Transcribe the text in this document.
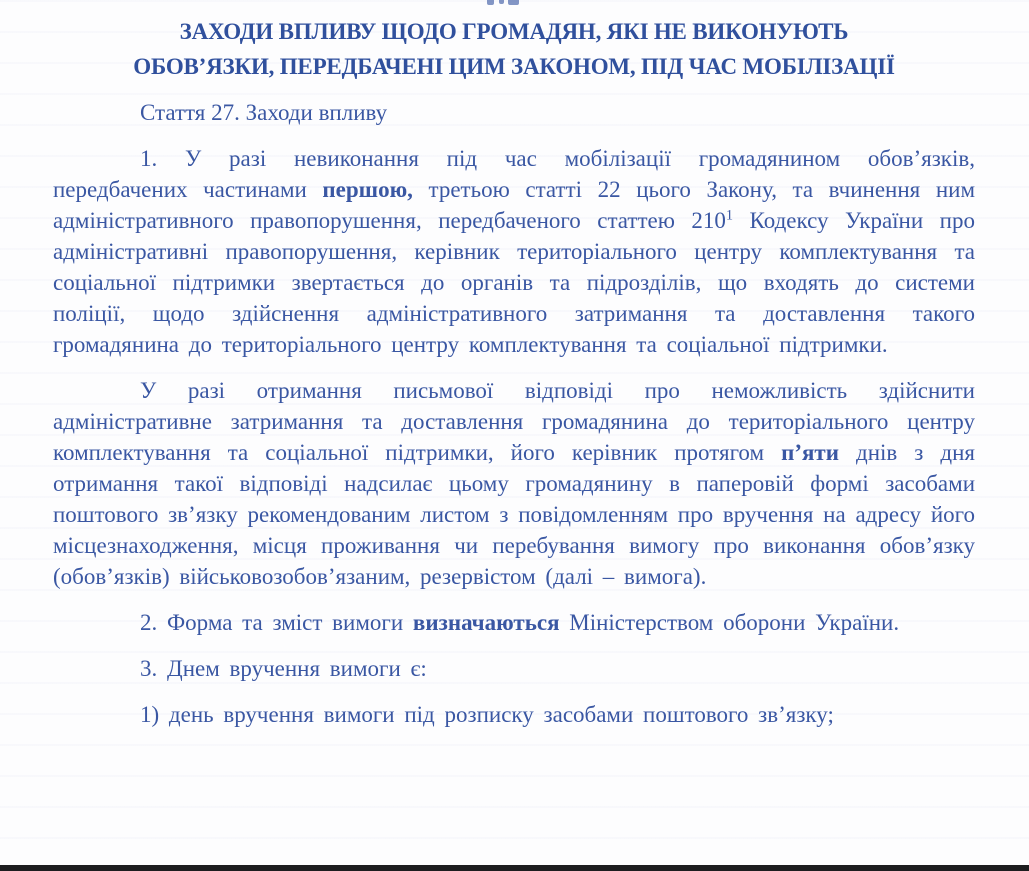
ЗАХОДИ ВПЛИВУ ЩОДО ГРОМАДЯН, ЯКІ НЕ ВИКОНУЮТЬ
ОБОВ’ЯЗКИ, ПЕРЕДБАЧЕНІ ЦИМ ЗАКОНОМ, ПІД ЧАС МОБІЛІЗАЦІЇ

Стаття 27. Заходи впливу

1. У разі невиконання під час мобілізації громадянином обов’язків, передбачених частинами першою, третьою статті 22 цього Закону, та вчинення ним адміністративного правопорушення, передбаченого статтею $210^1$ Кодексу України про адміністративні правопорушення, керівник територіального центру комплектування та соціальної підтримки звертається до органів та підрозділів, що входять до системи поліції, щодо здійснення адміністративного затримання та доставлення такого громадянина до територіального центру комплектування та соціальної підтримки.

У разі отримання письмової відповіді про неможливість здійснити адміністративне затримання та доставлення громадянина до територіального центру комплектування та соціальної підтримки, його керівник протягом п’яти днів з дня отримання такої відповіді надсилає цьому громадянину в паперовій формі засобами поштового зв’язку рекомендованим листом з повідомленням про вручення на адресу його місцезнаходження, місця проживання чи перебування вимогу про виконання обов’язку (обов’язків) військовозобов’язаним, резервістом (далі – вимога).

2. Форма та зміст вимоги визначаються Міністерством оборони України.

3. Днем вручення вимоги є:

1) день вручення вимоги під розписку засобами поштового зв’язку;
